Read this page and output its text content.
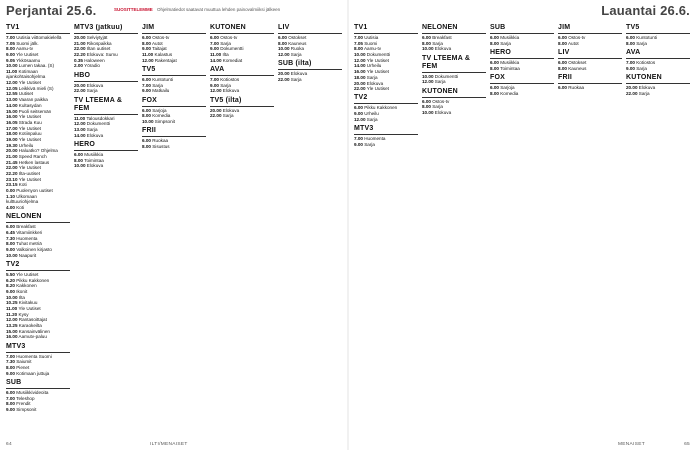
Perjantai 25.6.	SUOSITTELEMME Ohjelmatiedot saatavat muuttua lehden painovalmiiksi jälkeen
TV1
7.00 Uutisia viittomakielellä
7.05 Suomi jälk.
8.00 Aamu-tv
9.00 Yle Uutiset
9.05 Ykkösaamu
10.00 Lumen takaa. (S)
11.00 Kotimaan ajankohtaisohjelma
12.00 Yle Uutiset
12.05 Leikkivä mieli (S)
12.55 Uutiset
13.00 Vaaran paikka
14.00 Kultasydan
15.00 Puoli seitsemän
16.00 Yle Uutiset
16.05 Strada Kuu
17.00 Yle Uutiset
18.00 Kotiinpaluu
19.00 Yle Uutiset
19.30 Urheilu
20.00 Haluatko? Ohjelma
21.00 Speed Ranch
21.45 Hetken lastaus
22.00 Yle Uutiset
22.20 Ilta-uutiset
23.10 Yle Uutiset
23.15 Koti
0.00 Puolenyon uutiset
1.10 Ulkomaan kulttuuriohjelma
4.00 Koti
NELONEN
6.00 Breakfast
6.45 Vitamiinkkeri
7.30 Huomenta
8.00 Tuhat metriä
9.00 Valkoinen kirjasto
10.00 Naapurit
TV2
5.50 Yle Uutiset
6.20 Pikku Kakkonen
8.20 Kakkonen
9.00 Ikonit
10.00 Ilta
10.25 Kivitakuu
11.00 Yle Uutiset
11.20 Kysy
12.00 Rantasoittajat
13.25 Karaokeilta
15.00 Kansainvälinen
16.00 Aamutv-paluu
MTV3
7.00 Huomenta Suomi
7.30 Saiumit
8.00 Pienet
9.00 Kotimaan juttuja
SUB
6.00 Musiikkivideoita
7.00 Teleshop
8.00 Frendit
9.00 Simpsonit
MTV3 (jatkuu)
20.00 Selviytyjät
21.00 Rikospaikka
22.00 Iltan uutiset
22.20 Elokuva: Sumu
0.35 Haloween
2.00 Yöradio
HBO
20.00 Elokuva
22.00 Sarja
TV LTEEMA & FEM
11.00 Talousdokkari
12.00 Dokumentti
13.00 Sarja
14.00 Elokuva
HERO
6.00 Musiikkia
8.00 Toimintaa
10.00 Elokuva
JIM
6.00 Ostos-tv
8.00 Autot
9.00 Taitajat
11.00 Kalastus
12.00 Rakentajat
TV5
6.00 Kuntotunti
7.00 Sarja
9.00 Matkailu
FOX
6.00 Sarjoja
8.00 Komedia
10.00 Simpsonit
FRII
6.00 Ruokaa
8.00 Sisustus
KUTONEN
6.00 Ostos-tv
7.00 Sarja
9.00 Dokumentti
11.00 Ilta
14.00 Komediat
AVA
7.00 Kotiostos
9.00 Sarja
12.00 Elokuva
TV5 (ilta)
20.00 Elokuva
22.00 Sarja
LIV
6.00 Ostokset
8.00 Kauneus
10.00 Ruoka
12.00 Sarja
SUB (ilta)
20.00 Elokuva
22.00 Sarja
64	ILTI/MENAISET
Lauantai 26.6.
TV1
7.00 Uutisia
7.05 Suomi
8.00 Aamu-tv
10.00 Dokumentti
12.00 Yle Uutiset
14.00 Urheilu
16.00 Yle Uutiset
18.00 Sarja
20.00 Elokuva
22.00 Yle Uutiset
TV2
6.00 Pikku Kakkonen
9.00 Urheilu
12.00 Sarja
MTV3
7.00 Huomenta
9.00 Sarja
NELONEN
6.00 Breakfast
8.00 Sarja
10.00 Elokuva
TV LTEEMA & FEM
10.00 Dokumentti
12.00 Sarja
KUTONEN
6.00 Ostos-tv
8.00 Sarja
10.00 Elokuva
SUB
6.00 Musiikkia
8.00 Sarja
HERO
6.00 Musiikkia
8.00 Toimintaa
FOX
6.00 Sarjoja
8.00 Komedia
JIM
6.00 Ostos-tv
8.00 Autot
LIV
6.00 Ostokset
8.00 Kauneus
FRII
6.00 Ruokaa
TV5
6.00 Kuntotunti
8.00 Sarja
AVA
7.00 Kotiostos
9.00 Sarja
KUTONEN
20.00 Elokuva
22.00 Sarja
MENAISET	65
